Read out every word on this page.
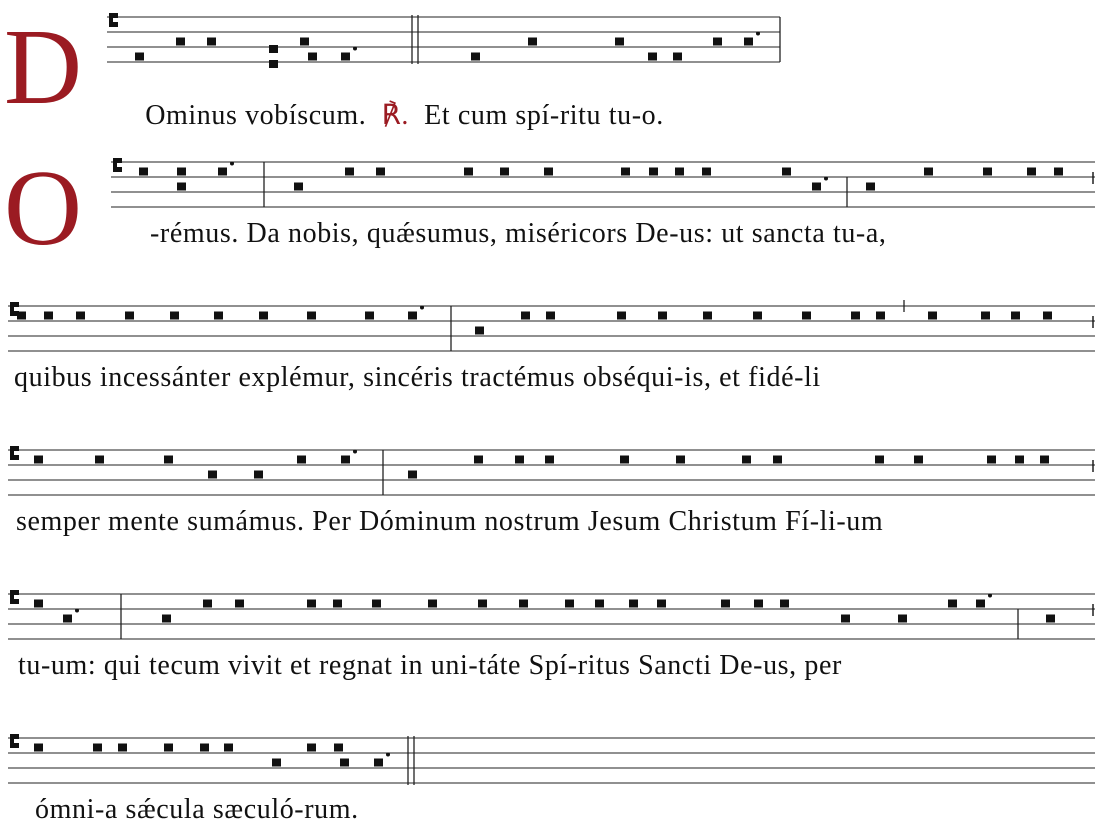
D
O

Ominus vobíscum. ℟. Et cum spí-ritu tu-o.

-rémus. Da nobis, quǽsumus, miséricors De-us: ut sancta tu-a,
quibus incessánter explémur, sincéris tractémus obséqui-is, et fidé-li
semper mente sumámus. Per Dóminum nostrum Jesum Christum Fí-li-um
tu-um: qui tecum vivit et regnat in uni-táte Spí-ritus Sancti De-us, per
ómni-a sǽcula sæculó-rum.
